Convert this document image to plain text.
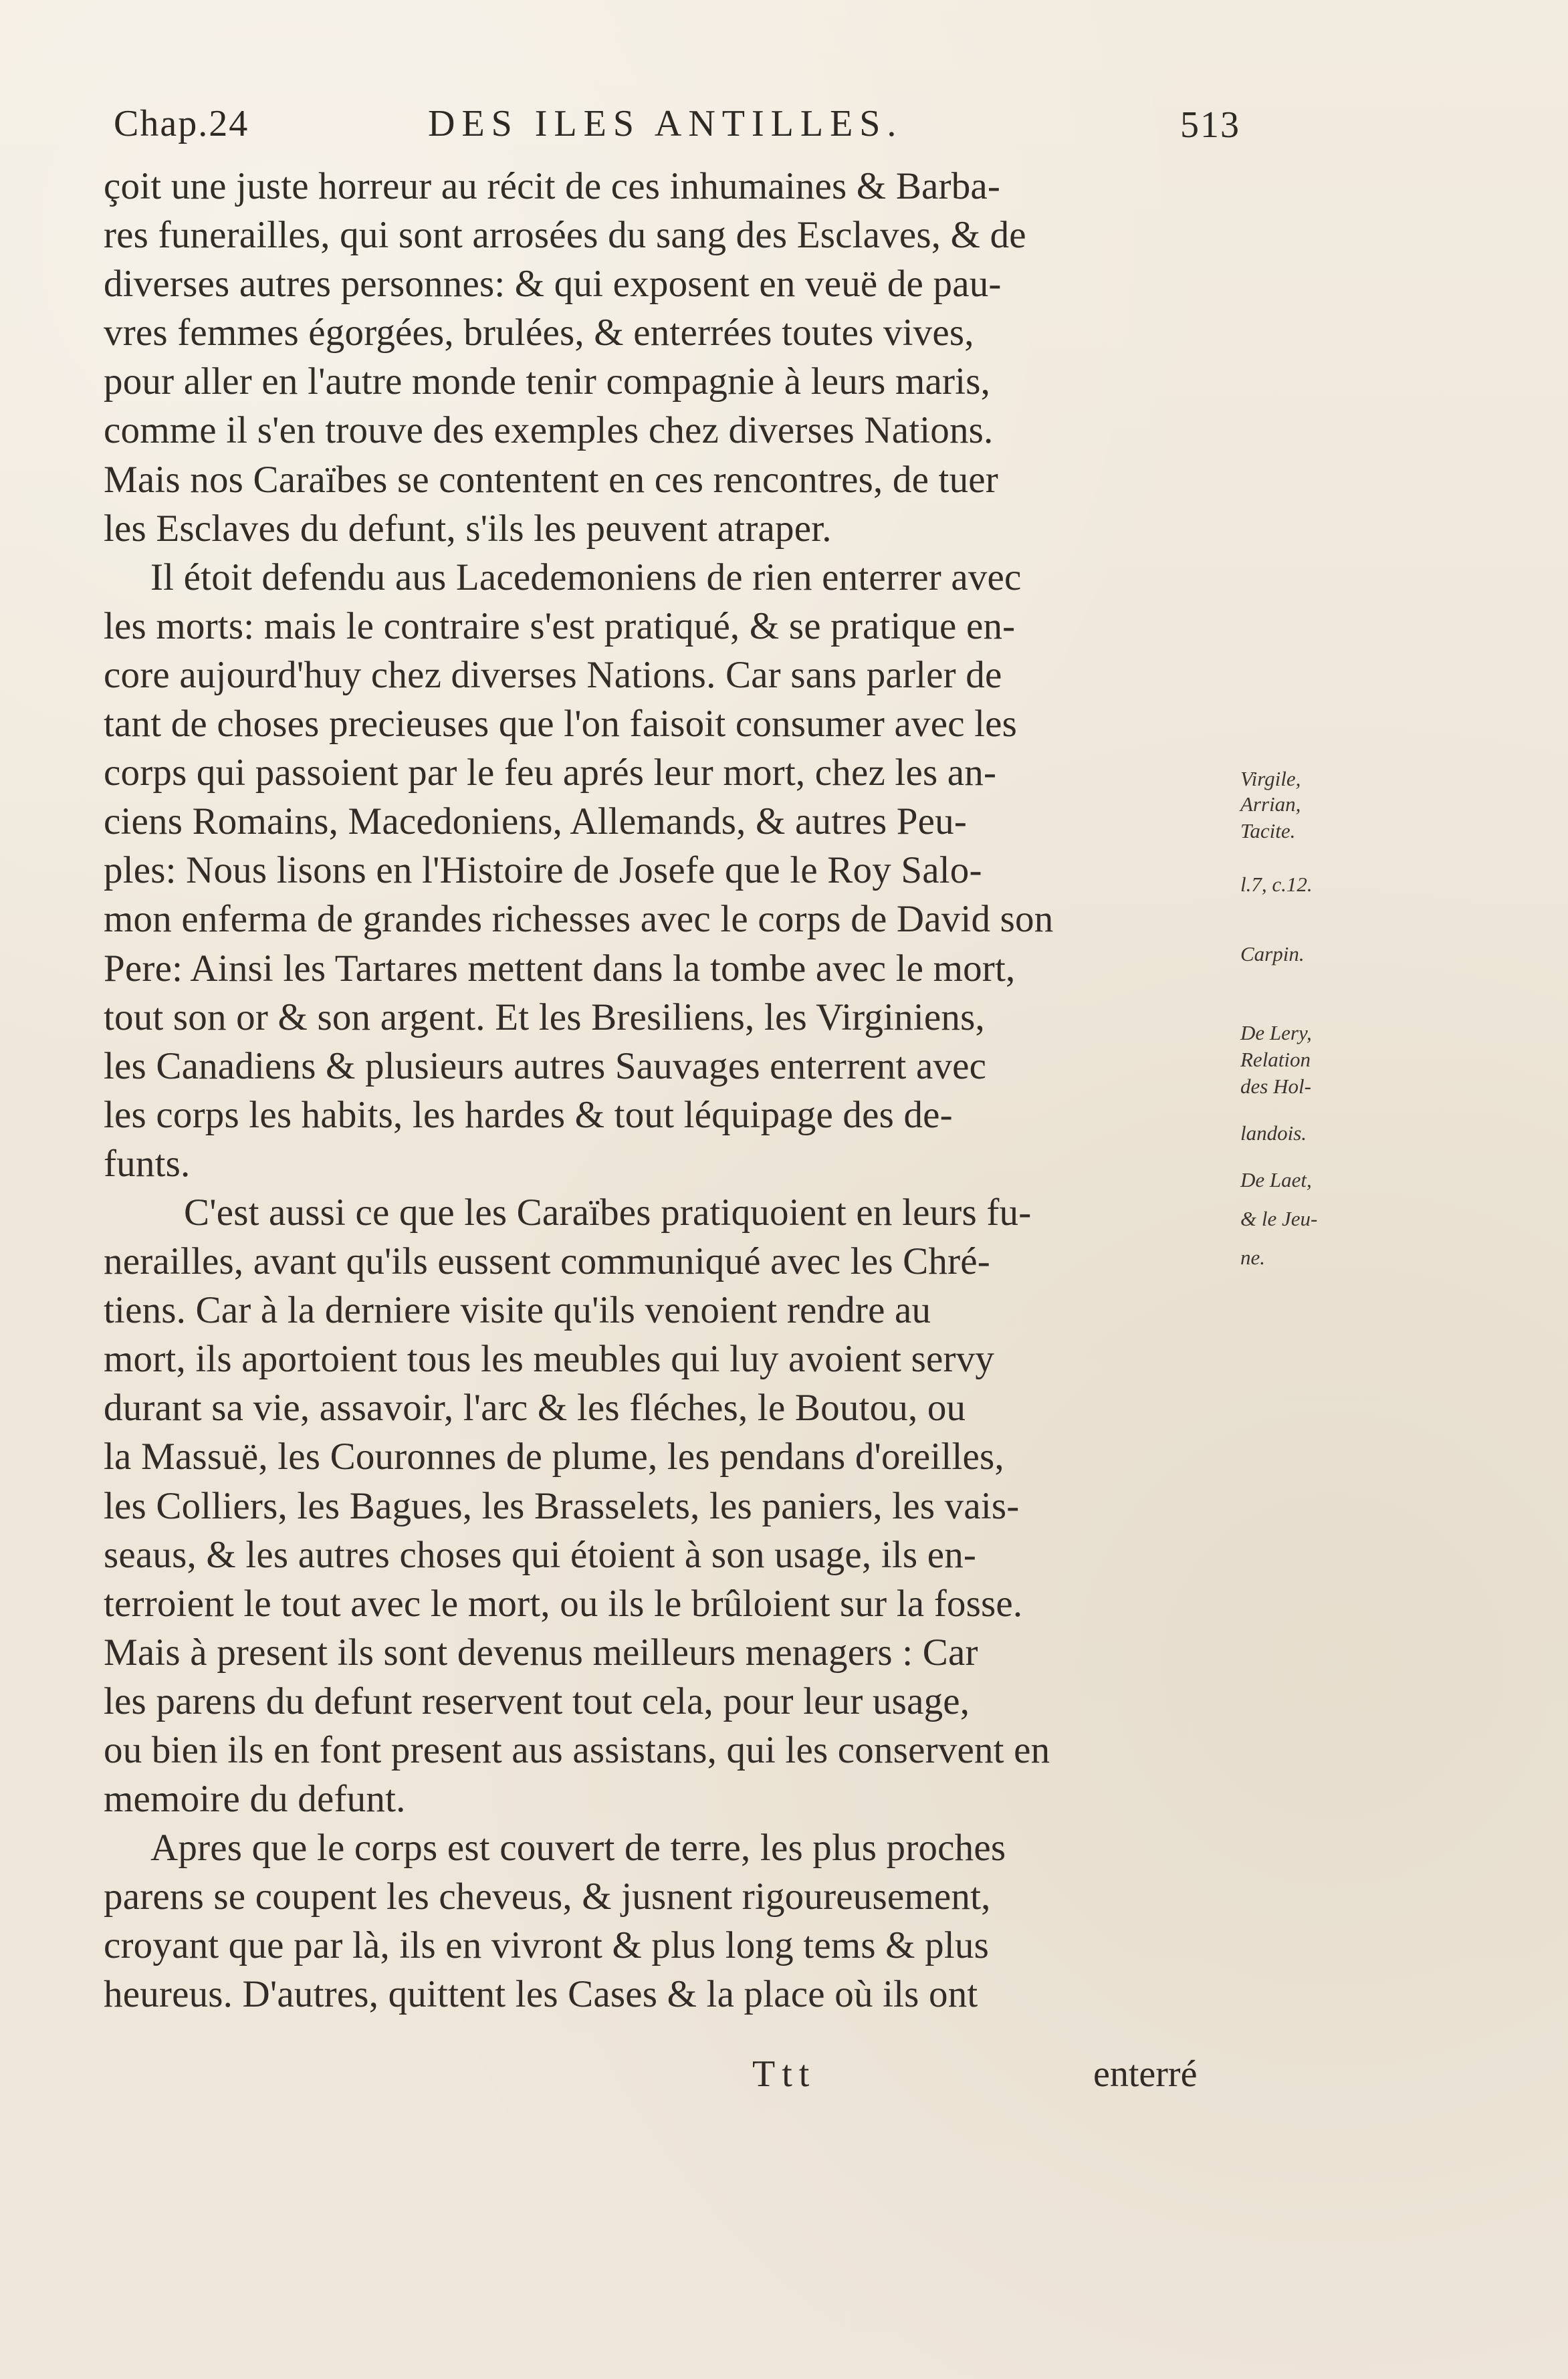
Chap.24	DES ILES ANTILLES.	513
çoit une juste horreur au récit de ces inhumaines & Barba-
res funerailles, qui sont arrosées du sang des Esclaves, & de
diverses autres personnes: & qui exposent en veuë de pau-
vres femmes égorgées, brulées, & enterrées toutes vives,
pour aller en l'autre monde tenir compagnie à leurs maris,
comme il s'en trouve des exemples chez diverses Nations.
Mais nos Caraïbes se contentent en ces rencontres, de tuer
les Esclaves du defunt, s'ils les peuvent atraper.
Il étoit defendu aus Lacedemoniens de rien enterrer avec
les morts: mais le contraire s'est pratiqué, & se pratique en-
core aujourd'huy chez diverses Nations. Car sans parler de
tant de choses precieuses que l'on faisoit consumer avec les
corps qui passoient par le feu aprés leur mort, chez les an-
ciens Romains, Macedoniens, Allemands, & autres Peu-
ples: Nous lisons en l'Histoire de Josefe que le Roy Salo-
mon enferma de grandes richesses avec le corps de David son
Pere: Ainsi les Tartares mettent dans la tombe avec le mort,
tout son or & son argent. Et les Bresiliens, les Virginiens,
les Canadiens & plusieurs autres Sauvages enterrent avec
les corps les habits, les hardes & tout léquipage des de-
funts.
C'est aussi ce que les Caraïbes pratiquoient en leurs fu-
nerailles, avant qu'ils eussent communiqué avec les Chré-
tiens. Car à la derniere visite qu'ils venoient rendre au
mort, ils aportoient tous les meubles qui luy avoient servy
durant sa vie, assavoir, l'arc & les fléches, le Boutou, ou
la Massuë, les Couronnes de plume, les pendans d'oreilles,
les Colliers, les Bagues, les Brasselets, les paniers, les vais-
seaus, & les autres choses qui étoient à son usage, ils en-
terroient le tout avec le mort, ou ils le brûloient sur la fosse.
Mais à present ils sont devenus meilleurs menagers : Car
les parens du defunt reservent tout cela, pour leur usage,
ou bien ils en font present aus assistans, qui les conservent en
memoire du defunt.
Apres que le corps est couvert de terre, les plus proches
parens se coupent les cheveus, & jusnent rigoureusement,
croyant que par là, ils en vivront & plus long tems & plus
heureus. D'autres, quittent les Cases & la place où ils ont
Virgile,
Arrian,
Tacite.
l.7, c.12.
Carpin.
De Lery,
Relation
des Hol-
landois.
De Laet,
& le Jeu-
ne.
Ttt	enterré
